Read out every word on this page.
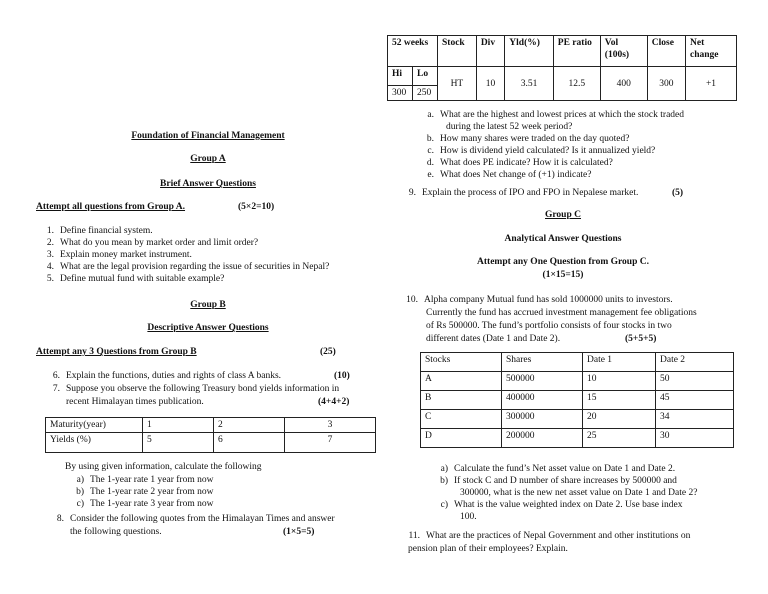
Foundation of Financial Management
Group A
Brief Answer Questions
Attempt all questions from Group A.	(5×2=10)
1. Define financial system.
2. What do you mean by market order and limit order?
3. Explain money market instrument.
4. What are the legal provision regarding the issue of securities in Nepal?
5. Define mutual fund with suitable example?
Group B
Descriptive Answer Questions
Attempt any 3 Questions from Group B	(25)
6. Explain the functions, duties and rights of class A banks.	(10)
7. Suppose you observe the following Treasury bond yields information in
recent Himalayan times publication.	(4+4+2)
Maturity(year)	1	2	3
Yields (%)	5	6	7
By using given information, calculate the following
a) The 1-year rate 1 year from now
b) The 1-year rate 2 year from now
c) The 1-year rate 3 year from now
8. Consider the following quotes from the Himalayan Times and answer
the following questions.	(1×5=5)
52 weeks		Stock	Div	Yld(%)	PE ratio	Vol (100s)	Close	Net change
Hi	Lo	HT	10	3.51	12.5	400	300	+1
300	250							
a. What are the highest and lowest prices at which the stock traded
during the latest 52 week period?
b. How many shares were traded on the day quoted?
c. How is dividend yield calculated? Is it annualized yield?
d. What does PE indicate? How it is calculated?
e. What does Net change of (+1) indicate?
9. Explain the process of IPO and FPO in Nepalese market.	(5)
Group C
Analytical Answer Questions
Attempt any One Question from Group C.
(1×15=15)
10. Alpha company Mutual fund has sold 1000000 units to investors.
Currently the fund has accrued investment management fee obligations
of Rs 500000. The fund’s portfolio consists of four stocks in two
different dates (Date 1 and Date 2).	(5+5+5)
Stocks	Shares	Date 1	Date 2
A	500000	10	50
B	400000	15	45
C	300000	20	34
D	200000	25	30
a) Calculate the fund’s Net asset value on Date 1 and Date 2.
b) If stock C and D number of share increases by 500000 and
300000, what is the new net asset value on Date 1 and Date 2?
c) What is the value weighted index on Date 2. Use base index
100.
11. What are the practices of Nepal Government and other institutions on
pension plan of their employees? Explain.
